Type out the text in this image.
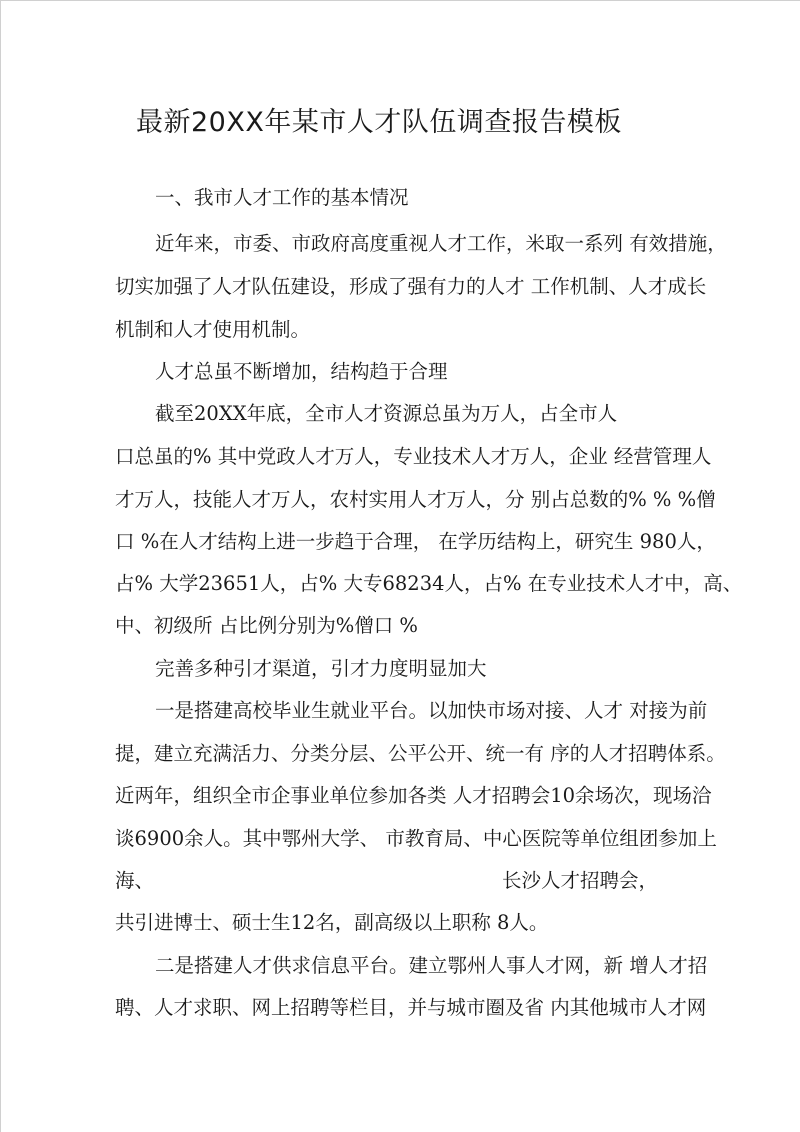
最新20XX年某市人才队伍调查报告模板
一、我市人才工作的基本情况
近年来，市委、市政府高度重视人才工作，米取一系列 有效措施，
切实加强了人才队伍建设，形成了强有力的人才 工作机制、人才成长
机制和人才使用机制。
人才总虽不断增加，结构趋于合理
截至20XX年底，全市人才资源总虽为万人，占全市人
口总虽的% 其中党政人才万人，专业技术人才万人，企业 经营管理人
才万人，技能人才万人，农村实用人才万人，分 别占总数的% % %僧
口 %在人才结构上进一步趋于合理， 在学历结构上，研究生 980人，
占% 大学23651人，占% 大专68234人，占% 在专业技术人才中，高、
中、初级所 占比例分别为%僧口 %
完善多种引才渠道，引才力度明显加大
一是搭建高校毕业生就业平台。以加快市场对接、人才 对接为前
提，建立充满活力、分类分层、公平公开、统一有 序的人才招聘体系。
近两年，组织全市企事业单位参加各类 人才招聘会10余场次，现场洽
谈6900余人。其中鄂州大学、 市教育局、中心医院等单位组团参加上
海、	长沙人才招聘会，
共引进博士、硕士生12名，副高级以上职称 8人。
二是搭建人才供求信息平台。建立鄂州人事人才网，新 增人才招
聘、人才求职、网上招聘等栏目，并与城市圈及省 内其他城市人才网
